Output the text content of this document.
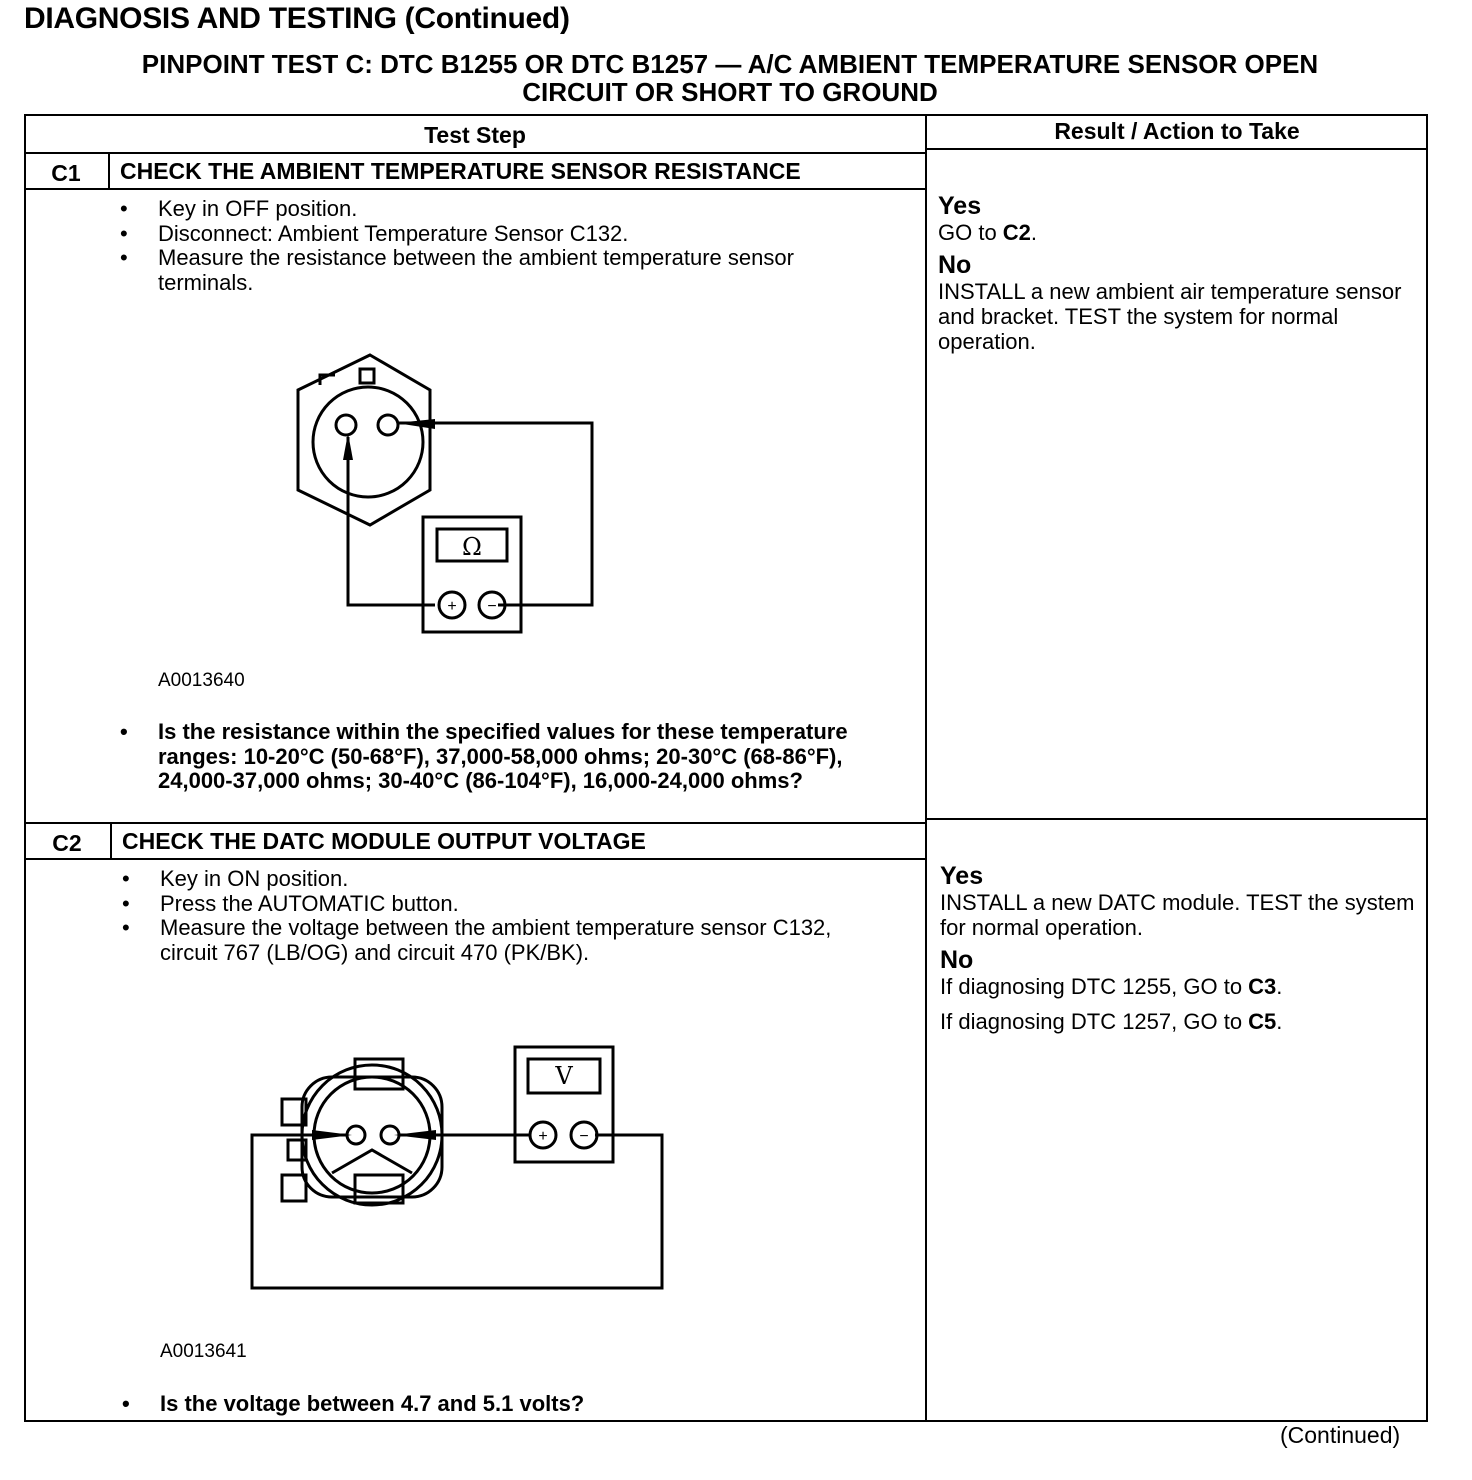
DIAGNOSIS AND TESTING (Continued)
PINPOINT TEST C: DTC B1255 OR DTC B1257 — A/C AMBIENT TEMPERATURE SENSOR OPEN
CIRCUIT OR SHORT TO GROUND
Test Step	Result / Action to Take
C1	CHECK THE AMBIENT TEMPERATURE SENSOR RESISTANCE
• Key in OFF position.
• Disconnect: Ambient Temperature Sensor C132.
• Measure the resistance between the ambient temperature sensor terminals.
Ω
+ −
A0013640
• Is the resistance within the specified values for these temperature ranges: 10-20°C (50-68°F), 37,000-58,000 ohms; 20-30°C (68-86°F), 24,000-37,000 ohms; 30-40°C (86-104°F), 16,000-24,000 ohms?
Yes
GO to C2.
No
INSTALL a new ambient air temperature sensor and bracket. TEST the system for normal operation.
C2	CHECK THE DATC MODULE OUTPUT VOLTAGE
• Key in ON position.
• Press the AUTOMATIC button.
• Measure the voltage between the ambient temperature sensor C132, circuit 767 (LB/OG) and circuit 470 (PK/BK).
V
+ −
A0013641
• Is the voltage between 4.7 and 5.1 volts?
Yes
INSTALL a new DATC module. TEST the system for normal operation.
No
If diagnosing DTC 1255, GO to C3.
If diagnosing DTC 1257, GO to C5.
(Continued)
